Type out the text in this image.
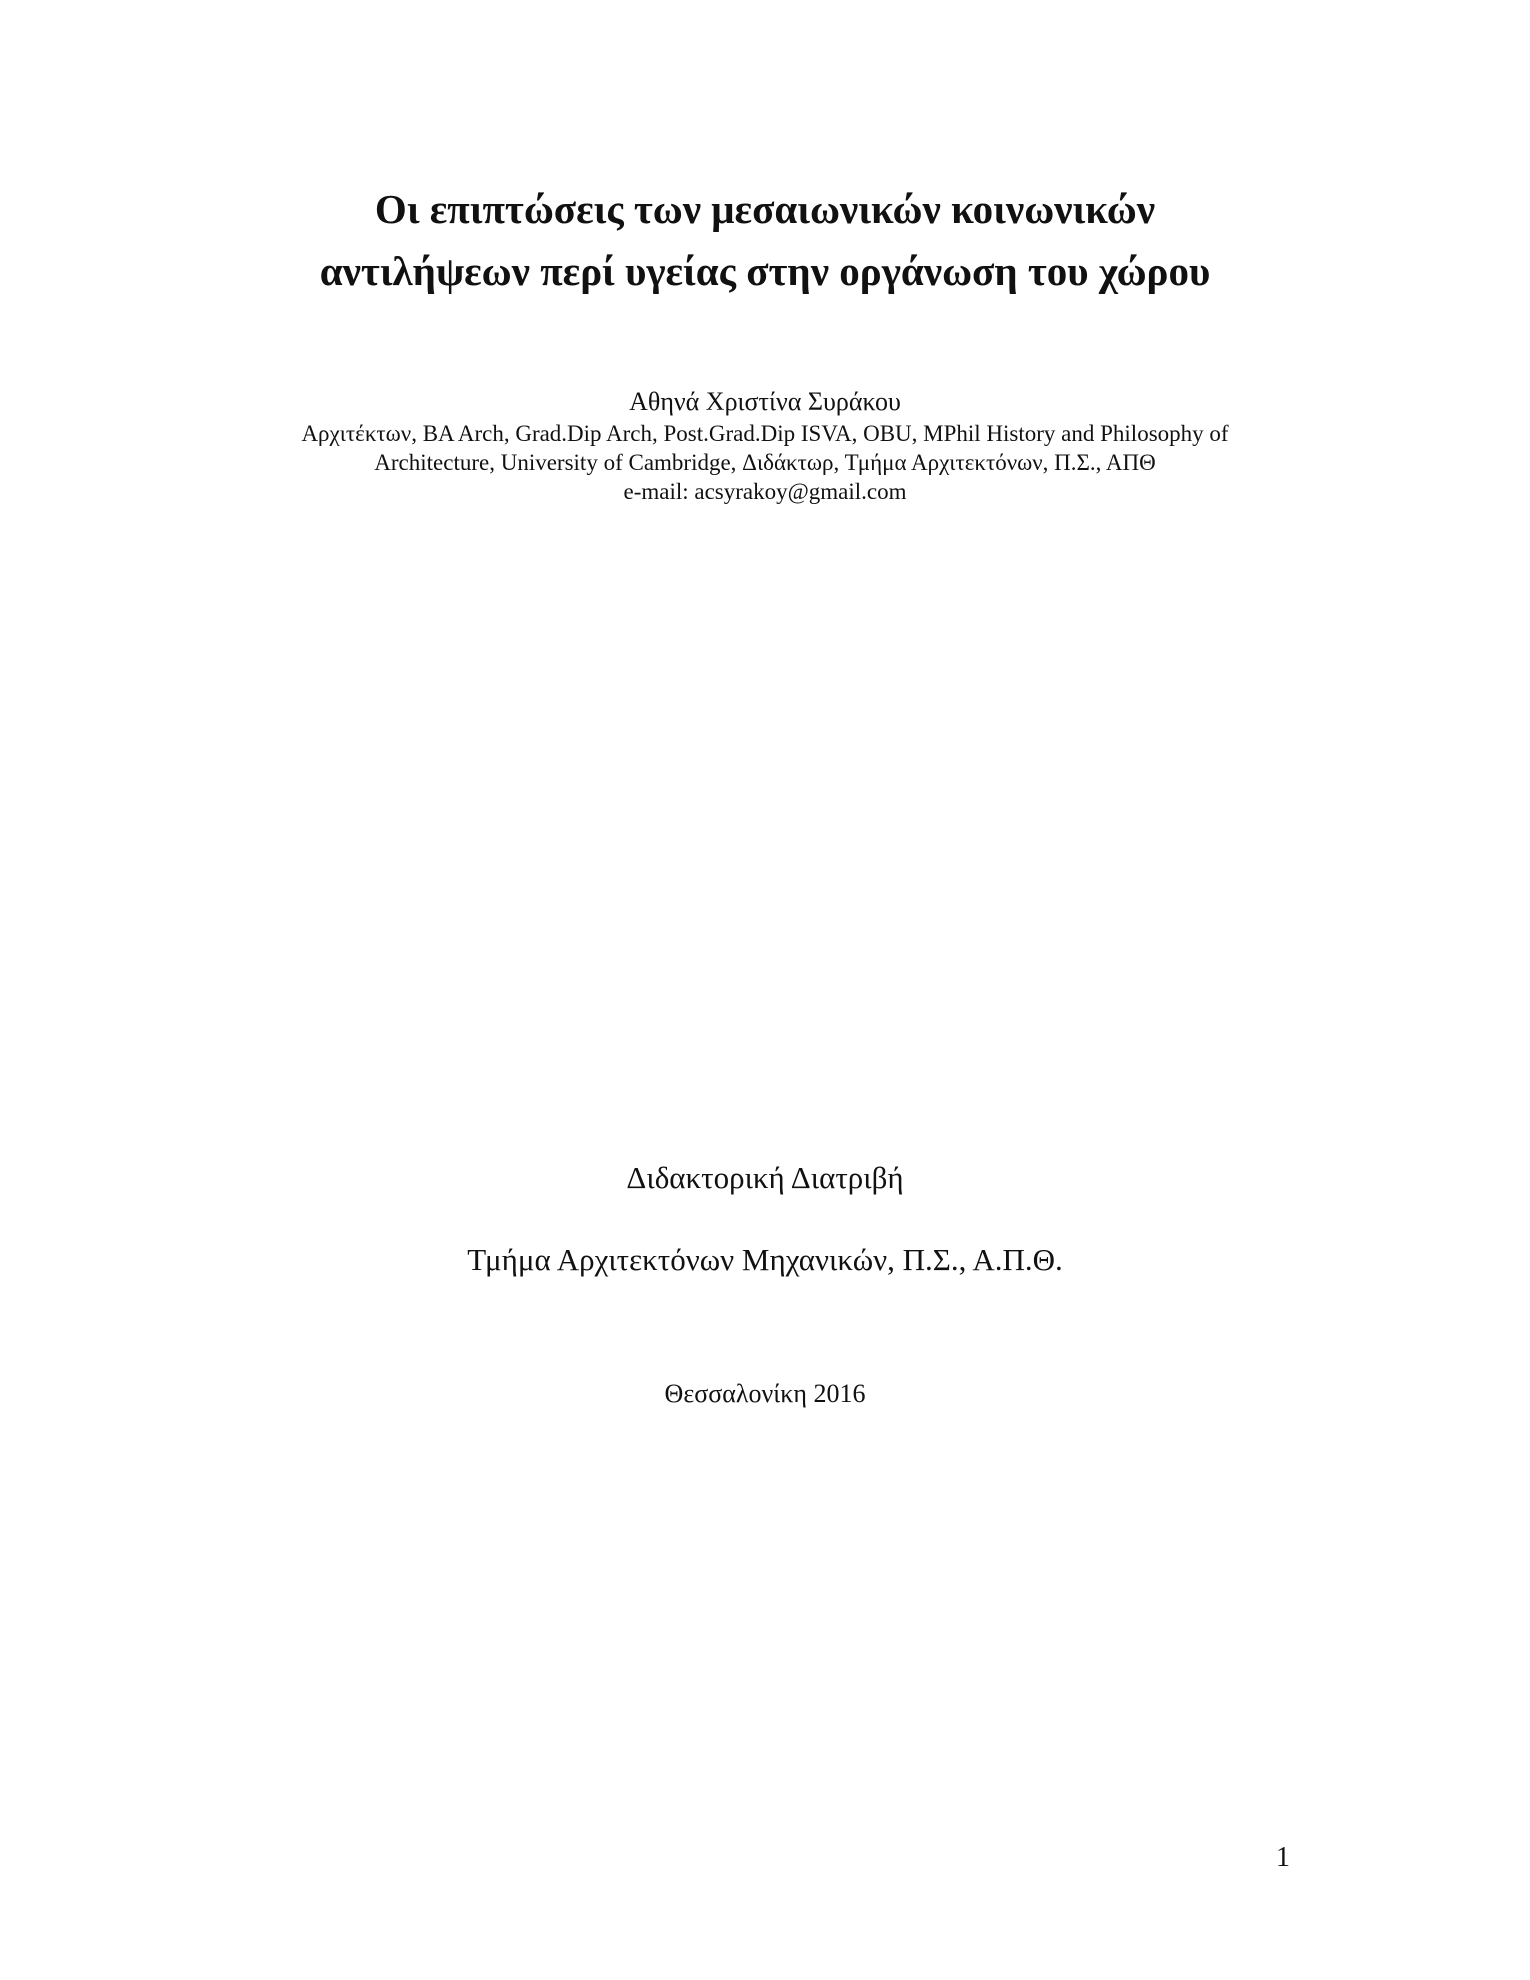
Οι επιπτώσεις των μεσαιωνικών κοινωνικών
αντιλήψεων περί υγείας στην οργάνωση του χώρου
Αθηνά Χριστίνα Συράκου
Αρχιτέκτων, BA Arch, Grad.Dip Arch, Post.Grad.Dip ISVA, OBU, MPhil History and Philosophy of
Architecture, University of Cambridge, Διδάκτωρ, Τμήμα Αρχιτεκτόνων, Π.Σ., ΑΠΘ
e-mail: acsyrakoy@gmail.com
Διδακτορική Διατριβή
Τμήμα Αρχιτεκτόνων Μηχανικών, Π.Σ., Α.Π.Θ.
Θεσσαλονίκη 2016
1
